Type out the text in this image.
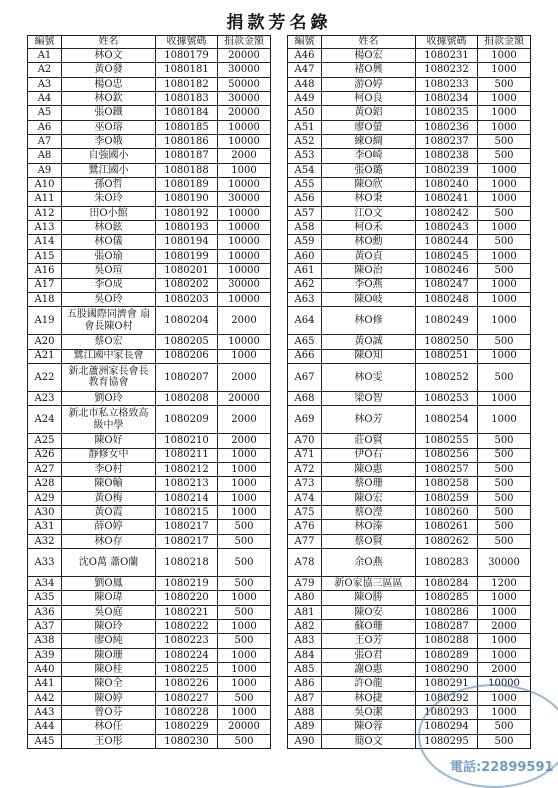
捐款芳名錄
編號	姓名	收據號碼	捐款金額
A1	林O文	1080179	20000
A2	黃O發	1080181	30000
A3	楊O忠	1080182	50000
A4	林O欽	1080183	30000
A5	張O鐵	1080184	20000
A6	巫O瑢	1080185	10000
A7	李O娥	1080186	10000
A8	自強國小	1080187	2000
A9	鷺江國小	1080188	1000
A10	孫O哲	1080189	10000
A11	朱O玲	1080190	30000
A12	田O小館	1080192	10000
A13	林O鉉	1080193	10000
A14	林O儀	1080194	10000
A15	張O瑜	1080199	10000
A16	吳O瑄	1080201	10000
A17	李O成	1080202	30000
A18	吳O玲	1080203	10000
A19	五股國際同濟會 扇會長陳O村	1080204	2000
A20	蔡O宏	1080205	10000
A21	鷺江國中家長會	1080206	1000
A22	新北蘆洲家長會長 教育協會	1080207	2000
A23	劉O玲	1080208	20000
A24	新北市私立格致高 級中學	1080209	2000
A25	陳O好	1080210	2000
A26	靜修女中	1080211	1000
A27	李O村	1080212	1000
A28	陳O輸	1080213	1000
A29	黃O梅	1080214	1000
A30	黃O霞	1080215	1000
A31	薛O婷	1080217	500
A32	林O存	1080217	500
A33	沈O萬 蕭O蘭	1080218	500
A34	劉O鳳	1080219	500
A35	陳O瑋	1080220	1000
A36	吳O庭	1080221	500
A37	陳O玲	1080222	1000
A38	廖O純	1080223	500
A39	陳O珊	1080224	1000
A40	陳O桂	1080225	1000
A41	陳O全	1080226	1000
A42	陳O婷	1080227	500
A43	曾O芬	1080228	1000
A44	林O任	1080229	20000
A45	王O彤	1080230	500
編號	姓名	收據號碼	捐款金額
A46	楊O宏	1080231	1000
A47	褚O興	1080232	1000
A48	游O婷	1080233	500
A49	柯O良	1080234	1000
A50	黃O鋁	1080235	1000
A51	廖O螢	1080236	1000
A52	練O綢	1080237	500
A53	李O崎	1080238	500
A54	張O璐	1080239	1000
A55	陳O欣	1080240	1000
A56	林O秉	1080241	1000
A57	江O文	1080242	500
A58	柯O禾	1080243	1000
A59	林O勳	1080244	500
A60	黃O貞	1080245	1000
A61	陳O治	1080246	500
A62	李O燕	1080247	1000
A63	陳O岐	1080248	1000
A64	林O修	1080249	1000
A65	黃O誠	1080250	500
A66	陳O知	1080251	1000
A67	林O雯	1080252	500
A68	梁O智	1080253	1000
A69	林O芳	1080254	1000
A70	莊O賢	1080255	500
A71	伊O右	1080256	500
A72	陳O惠	1080257	500
A73	蔡O珊	1080258	500
A74	陳O宏	1080259	500
A75	蔡O瀅	1080260	500
A76	林O溱	1080261	500
A77	蔡O賢	1080262	500
A78	余O燕	1080283	30000
A79	新O家協三區區	1080284	1200
A80	陳O勝	1080285	1000
A81	陳O安	1080286	1000
A82	蘇O珊	1080287	2000
A83	王O芳	1080288	1000
A84	張O君	1080289	1000
A85	謝O惠	1080290	2000
A86	許O龍	1080291	10000
A87	林O捷	1080292	1000
A88	吳O潔	1080293	1000
A89	陳O蓉	1080294	500
A90	簡O文	1080295	500
電話:22899591
